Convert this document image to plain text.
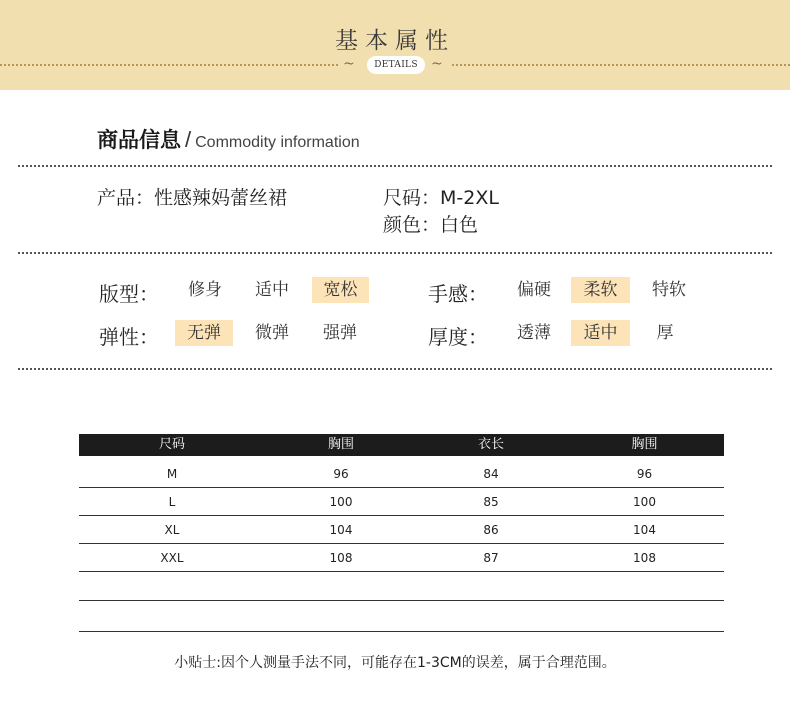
基本属性
~	DETAILS ~
商品信息 / Commodity information
产品：性感辣妈蕾丝裙	尺码：M-2XL
颜色：白色
版型：	修身	适中	宽松	手感：	偏硬	柔软	特软
弹性：	无弹	微弹	强弹	厚度：	透薄	适中	厚
尺码	胸围	衣长	胸围
M	96	84	96
L	100	85	100
XL	104	86	104
XXL	108	87	108
小贴士:因个人测量手法不同，可能存在1-3CM的误差，属于合理范围。
